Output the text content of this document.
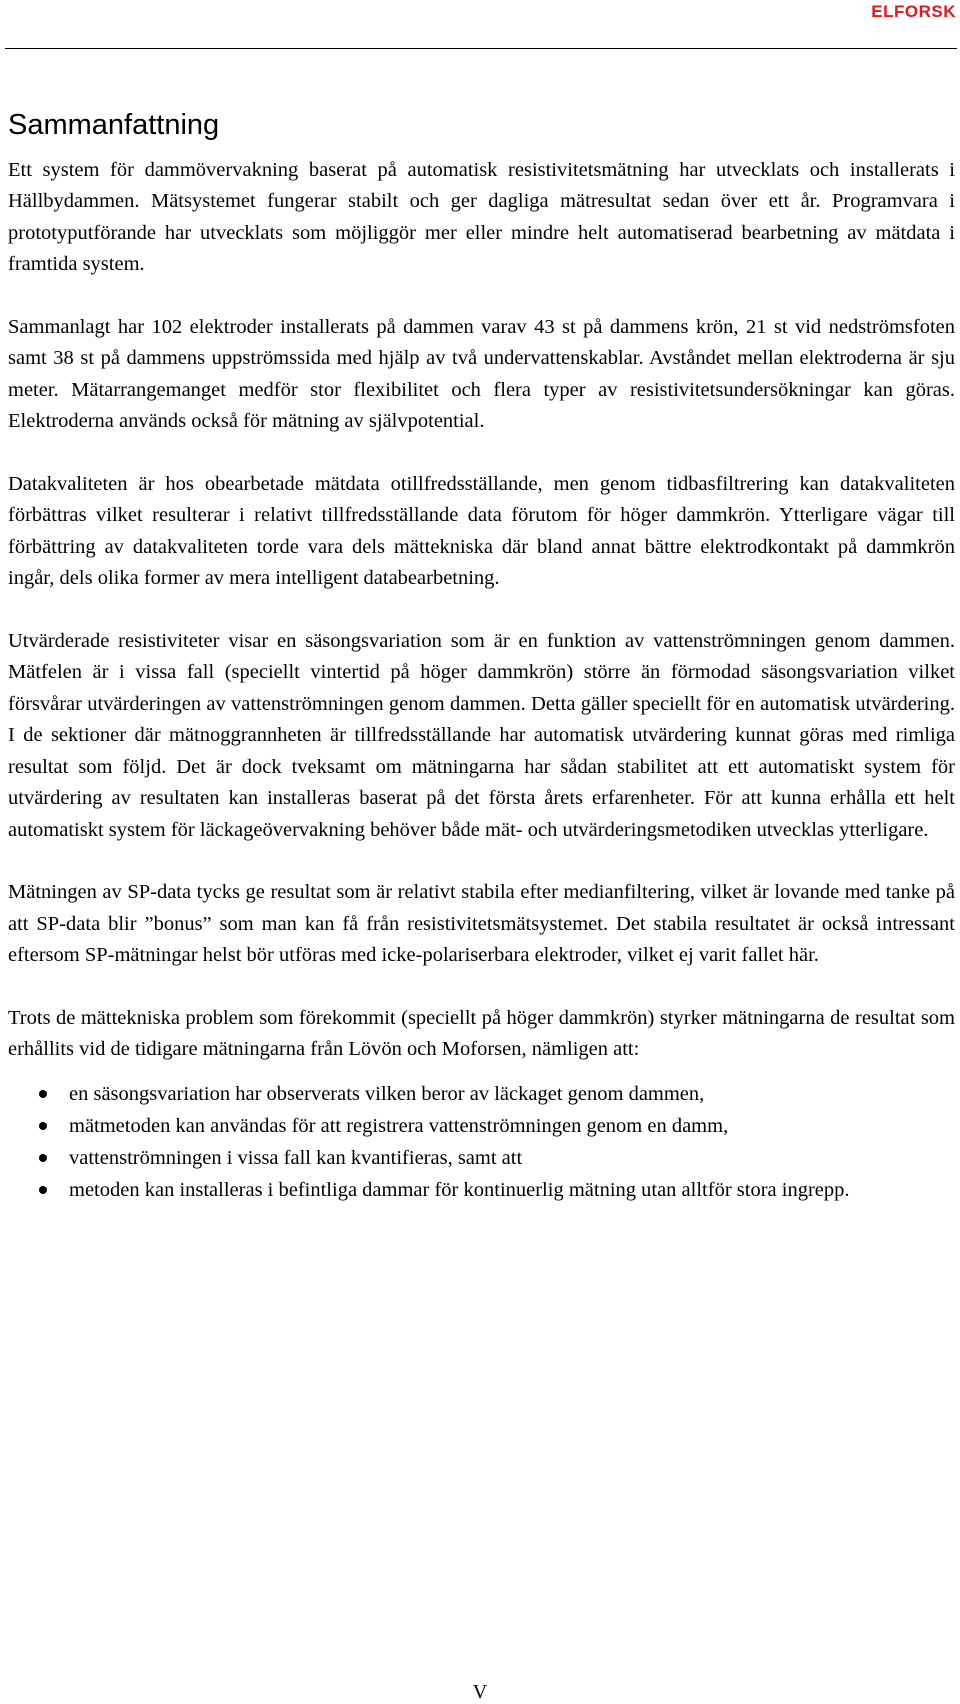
ELFORSK
Sammanfattning

Ett system för dammövervakning baserat på automatisk resistivitetsmätning har utvecklats och installerats i Hällbydammen. Mätsystemet fungerar stabilt och ger dagliga mätresultat sedan över ett år. Programvara i prototyputförande har utvecklats som möjliggör mer eller mindre helt automatiserad bearbetning av mätdata i framtida system.

Sammanlagt har 102 elektroder installerats på dammen varav 43 st på dammens krön, 21 st vid nedströmsfoten samt 38 st på dammens uppströmssida med hjälp av två undervattenskablar. Avståndet mellan elektroderna är sju meter. Mätarrangemanget medför stor flexibilitet och flera typer av resistivitetsundersökningar kan göras. Elektroderna används också för mätning av självpotential.

Datakvaliteten är hos obearbetade mätdata otillfredsställande, men genom tidbasfiltrering kan datakvaliteten förbättras vilket resulterar i relativt tillfredsställande data förutom för höger dammkrön. Ytterligare vägar till förbättring av datakvaliteten torde vara dels mättekniska där bland annat bättre elektrodkontakt på dammkrön ingår, dels olika former av mera intelligent databearbetning.

Utvärderade resistiviteter visar en säsongsvariation som är en funktion av vattenströmningen genom dammen. Mätfelen är i vissa fall (speciellt vintertid på höger dammkrön) större än förmodad säsongsvariation vilket försvårar utvärderingen av vattenströmningen genom dammen. Detta gäller speciellt för en automatisk utvärdering. I de sektioner där mätnoggrannheten är tillfredsställande har automatisk utvärdering kunnat göras med rimliga resultat som följd. Det är dock tveksamt om mätningarna har sådan stabilitet att ett automatiskt system för utvärdering av resultaten kan installeras baserat på det första årets erfarenheter. För att kunna erhålla ett helt automatiskt system för läckageövervakning behöver både mät- och utvärderingsmetodiken utvecklas ytterligare.

Mätningen av SP-data tycks ge resultat som är relativt stabila efter medianfiltering, vilket är lovande med tanke på att SP-data blir ”bonus” som man kan få från resistivitetsmätsystemet. Det stabila resultatet är också intressant eftersom SP-mätningar helst bör utföras med icke-polariserbara elektroder, vilket ej varit fallet här.

Trots de mättekniska problem som förekommit (speciellt på höger dammkrön) styrker mätningarna de resultat som erhållits vid de tidigare mätningarna från Lövön och Moforsen, nämligen att:

en säsongsvariation har observerats vilken beror av läckaget genom dammen,
mätmetoden kan användas för att registrera vattenströmningen genom en damm,
vattenströmningen i vissa fall kan kvantifieras, samt att
metoden kan installeras i befintliga dammar för kontinuerlig mätning utan alltför stora ingrepp.
V
